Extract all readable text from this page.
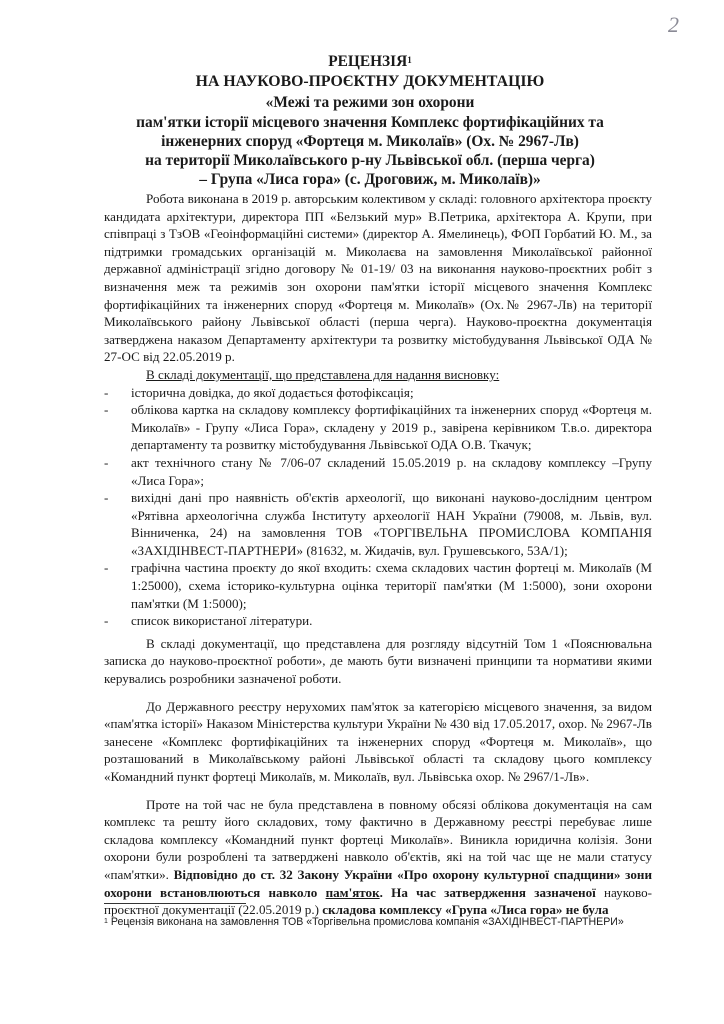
2
РЕЦЕНЗІЯ$^1$
НА НАУКОВО-ПРОЄКТНУ ДОКУМЕНТАЦІЮ
«Межі та режими зон охорони
пам'ятки історії місцевого значення Комплекс фортифікаційних та
інженерних споруд «Фортеця м. Миколаїв» (Ох. № 2967-Лв)
на території Миколаївського р-ну Львівської обл. (перша черга)
– Група «Лиса гора» (с. Дроговиж, м. Миколаїв)»

Робота виконана в 2019 р. авторським колективом у складі: головного архітектора проєкту кандидата архітектури, директора ПП «Белзький мур» В.Петрика, архітектора А. Крупи, при співпраці з ТзОВ «Геоінформаційні системи» (директор А. Ямелинець), ФОП Горбатий Ю. М., за підтримки громадських організацій м. Миколаєва на замовлення Миколаївської районної державної адміністрації згідно договору № 01-19/ 03 на виконання науково-проєктних робіт з визначення меж та режимів зон охорони пам'ятки історії місцевого значення Комплекс фортифікаційних та інженерних споруд «Фортеця м. Миколаїв» (Ох.№ 2967-Лв) на території Миколаївського району Львівської області (перша черга). Науково-проєктна документація затверджена наказом Департаменту архітектури та розвитку містобудування Львівської ОДА № 27-ОС від 22.05.2019 р.

В складі документації, що представлена для надання висновку:

- історична довідка, до якої додається фотофіксація;
- облікова картка на складову комплексу фортифікаційних та інженерних споруд «Фортеця м. Миколаїв» - Групу «Лиса Гора», складену у 2019 р., завірена керівником Т.в.о. директора департаменту та розвитку містобудування Львівської ОДА О.В. Ткачук;
- акт технічного стану № 7/06-07 складений 15.05.2019 р. на складову комплексу –Групу «Лиса Гора»;
- вихідні дані про наявність об'єктів археології, що виконані науково-дослідним центром «Рятівна археологічна служба Інституту археології НАН України (79008, м. Львів, вул. Вінниченка, 24) на замовлення ТОВ «ТОРГІВЕЛЬНА ПРОМИСЛОВА КОМПАНІЯ «ЗАХІДІНВЕСТ-ПАРТНЕРИ» (81632, м. Жидачів, вул. Грушевського, 53А/1);
- графічна частина проєкту до якої входить: схема складових частин фортеці м. Миколаїв (М 1:25000), схема історико-культурна оцінка території пам'ятки (М 1:5000), зони охорони пам'ятки (М 1:5000);
- список використаної літератури.

В складі документації, що представлена для розгляду відсутній Том 1 «Пояснювальна записка до науково-проєктної роботи», де мають бути визначені принципи та нормативи якими керувались розробники зазначеної роботи.

До Державного реєстру нерухомих пам'яток за категорією місцевого значення, за видом «пам'ятка історії» Наказом Міністерства культури України № 430 від 17.05.2017, охор. № 2967-Лв занесене «Комплекс фортифікаційних та інженерних споруд «Фортеця м. Миколаїв», що розташований в Миколаївському районі Львівської області та складову цього комплексу «Командний пункт фортеці Миколаїв, м. Миколаїв, вул. Львівська охор. № 2967/1-Лв».

Проте на той час не була представлена в повному обсязі облікова документація на сам комплекс та решту його складових, тому фактично в Державному реєстрі перебуває лише складова комплексу «Командний пункт фортеці Миколаїв». Виникла юридична колізія. Зони охорони були розроблені та затверджені навколо об'єктів, які на той час ще не мали статусу «пам'ятки». Відповідно до ст. 32 Закону України «Про охорону культурної спадщини» зони охорони встановлюються навколо пам'яток. На час затвердження зазначеної науково-проєктної документації (22.05.2019 р.) складова комплексу «Група «Лиса гора» не була

$^1$ Рецензія виконана на замовлення ТОВ «Торгівельна промислова компанія «ЗАХІДІНВЕСТ-ПАРТНЕРИ»
